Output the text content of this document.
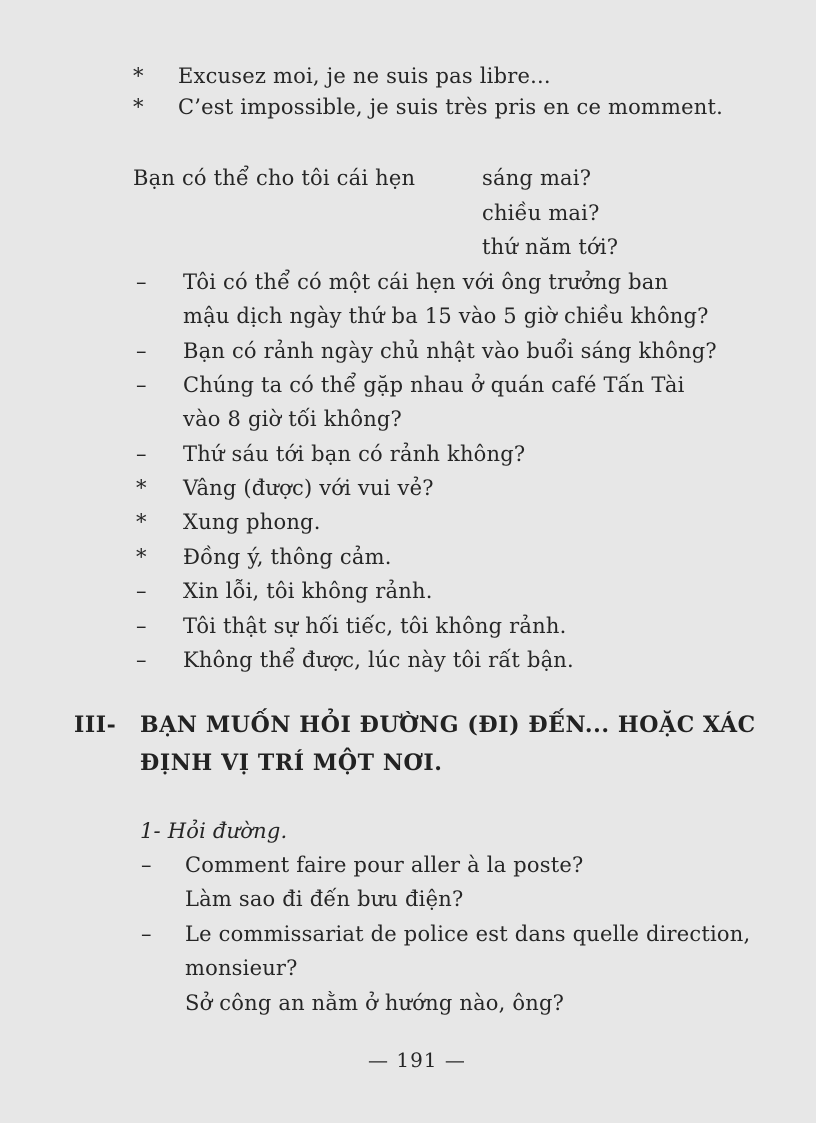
* Excusez moi, je ne suis pas libre...
* C’est impossible, je suis très pris en ce momment.
Bạn có thể cho tôi cái hẹn	sáng mai?
chiều mai?
thứ năm tới?
– Tôi có thể có một cái hẹn với ông trưởng ban
mậu dịch ngày thứ ba 15 vào 5 giờ chiều không?
– Bạn có rảnh ngày chủ nhật vào buổi sáng không?
– Chúng ta có thể gặp nhau ở quán café Tấn Tài
vào 8 giờ tối không?
– Thứ sáu tới bạn có rảnh không?
* Vâng (được) với vui vẻ?
* Xung phong.
* Đồng ý, thông cảm.
– Xin lỗi, tôi không rảnh.
– Tôi thật sự hối tiếc, tôi không rảnh.
– Không thể được, lúc này tôi rất bận.
III- BẠN MUỐN HỎI ĐƯỜNG (ĐI) ĐẾN... HOẶC XÁC
ĐỊNH VỊ TRÍ MỘT NƠI.
1- Hỏi đường.
– Comment faire pour aller à la poste?
Làm sao đi đến bưu điện?
– Le commissariat de police est dans quelle direction,
monsieur?
Sở công an nằm ở hướng nào, ông?
— 191 —
